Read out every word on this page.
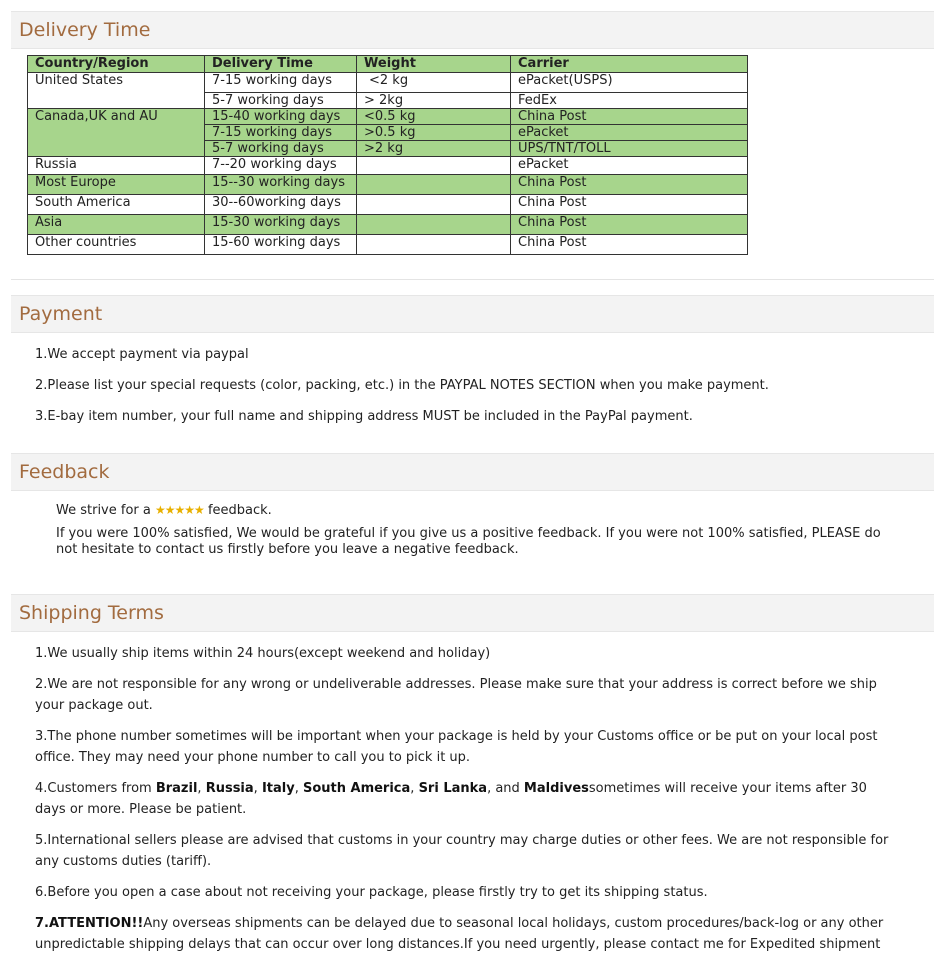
Delivery Time
Country/Region	Delivery Time	Weight	Carrier
United States	7-15 working days	<2 kg	ePacket(USPS)
	5-7 working days	> 2kg	FedEx
Canada,UK and AU	15-40 working days	<0.5 kg	China Post
	7-15 working days	>0.5 kg	ePacket
	5-7 working days	>2 kg	UPS/TNT/TOLL
Russia	7--20 working days		ePacket
Most Europe	15--30 working days		China Post
South America	30--60working days		China Post
Asia	15-30 working days		China Post
Other countries	15-60 working days		China Post
Payment
1.We accept payment via paypal
2.Please list your special requests (color, packing, etc.) in the PAYPAL NOTES SECTION when you make payment.
3.E-bay item number, your full name and shipping address MUST be included in the PayPal payment.
Feedback
We strive for a ★★★★★ feedback.
If you were 100% satisfied, We would be grateful if you give us a positive feedback. If you were not 100% satisfied, PLEASE do
not hesitate to contact us firstly before you leave a negative feedback.
Shipping Terms
1.We usually ship items within 24 hours(except weekend and holiday)
2.We are not responsible for any wrong or undeliverable addresses. Please make sure that your address is correct before we ship
your package out.
3.The phone number sometimes will be important when your package is held by your Customs office or be put on your local post
office. They may need your phone number to call you to pick it up.
4.Customers from Brazil, Russia, Italy, South America, Sri Lanka, and Maldivessometimes will receive your items after 30
days or more. Please be patient.
5.International sellers please are advised that customs in your country may charge duties or other fees. We are not responsible for
any customs duties (tariff).
6.Before you open a case about not receiving your package, please firstly try to get its shipping status.
7.ATTENTION!!Any overseas shipments can be delayed due to seasonal local holidays, custom procedures/back-log or any other
unpredictable shipping delays that can occur over long distances.If you need urgently, please contact me for Expedited shipment
